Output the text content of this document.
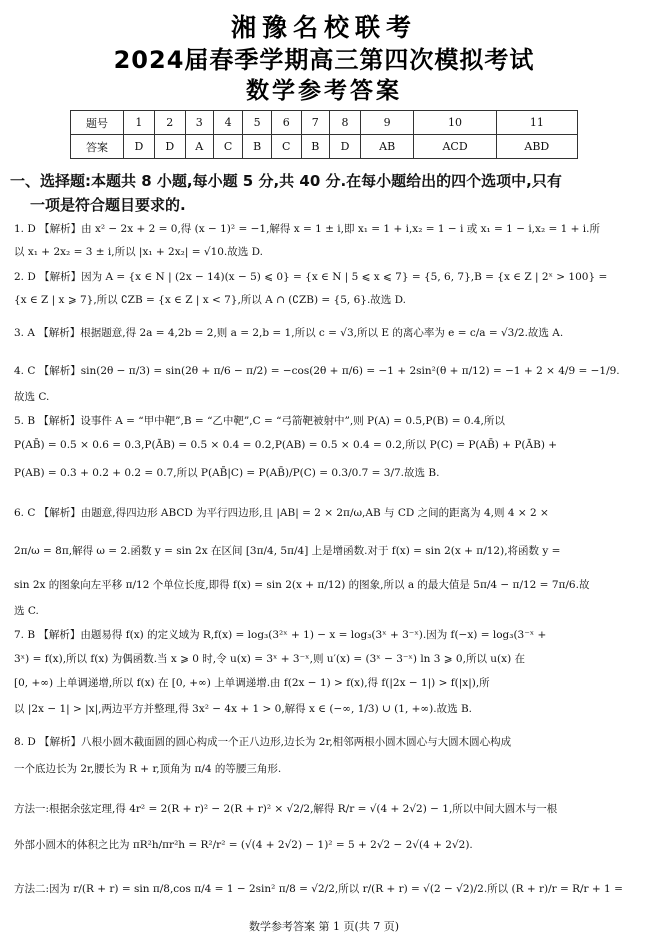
湘豫名校联考
2024届春季学期高三第四次模拟考试
数学参考答案
题号	1	2	3	4	5	6	7	8	9	10	11
答案	D	D	A	C	B	C	B	D	AB	ACD	ABD
一、选择题:本题共 8 小题,每小题 5 分,共 40 分.在每小题给出的四个选项中,只有
一项是符合题目要求的.
1. D 【解析】由 x² − 2x + 2 = 0,得 (x − 1)² = −1,解得 x = 1 ± i,即 x₁ = 1 + i,x₂ = 1 − i 或 x₁ = 1 − i,x₂ = 1 + i.所
以 x₁ + 2x₂ = 3 ± i,所以 |x₁ + 2x₂| = √10.故选 D.
2. D 【解析】因为 A = {x ∈ N | (2x − 14)(x − 5) ⩽ 0} = {x ∈ N | 5 ⩽ x ⩽ 7} = {5, 6, 7},B = {x ∈ Z | 2ˣ > 100} =
{x ∈ Z | x ⩾ 7},所以 ∁ZB = {x ∈ Z | x < 7},所以 A ∩ (∁ZB) = {5, 6}.故选 D.
3. A 【解析】根据题意,得 2a = 4,2b = 2,则 a = 2,b = 1,所以 c = √3,所以 E 的离心率为 e = c/a = √3/2.故选 A.
4. C 【解析】sin(2θ − π/3) = sin(2θ + π/6 − π/2) = −cos(2θ + π/6) = −1 + 2sin²(θ + π/12) = −1 + 2 × 4/9 = −1/9.
故选 C.
5. B 【解析】设事件 A = “甲中靶”,B = “乙中靶”,C = “弓箭靶被射中”,则 P(A) = 0.5,P(B) = 0.4,所以
P(AB̄) = 0.5 × 0.6 = 0.3,P(ĀB) = 0.5 × 0.4 = 0.2,P(AB) = 0.5 × 0.4 = 0.2,所以 P(C) = P(AB̄) + P(ĀB) +
P(AB) = 0.3 + 0.2 + 0.2 = 0.7,所以 P(AB̄|C) = P(AB̄)/P(C) = 0.3/0.7 = 3/7.故选 B.
6. C 【解析】由题意,得四边形 ABCD 为平行四边形,且 |AB| = 2 × 2π/ω,AB 与 CD 之间的距离为 4,则 4 × 2 ×
2π/ω = 8π,解得 ω = 2.函数 y = sin 2x 在区间 [3π/4, 5π/4] 上是增函数.对于 f(x) = sin 2(x + π/12),将函数 y =
sin 2x 的图象向左平移 π/12 个单位长度,即得 f(x) = sin 2(x + π/12) 的图象,所以 a 的最大值是 5π/4 − π/12 = 7π/6.故
选 C.
7. B 【解析】由题易得 f(x) 的定义域为 R,f(x) = log₃(3²ˣ + 1) − x = log₃(3ˣ + 3⁻ˣ).因为 f(−x) = log₃(3⁻ˣ +
3ˣ) = f(x),所以 f(x) 为偶函数.当 x ⩾ 0 时,令 u(x) = 3ˣ + 3⁻ˣ,则 u′(x) = (3ˣ − 3⁻ˣ) ln 3 ⩾ 0,所以 u(x) 在
[0, +∞) 上单调递增,所以 f(x) 在 [0, +∞) 上单调递增.由 f(2x − 1) > f(x),得 f(|2x − 1|) > f(|x|),所
以 |2x − 1| > |x|,两边平方并整理,得 3x² − 4x + 1 > 0,解得 x ∈ (−∞, 1/3) ∪ (1, +∞).故选 B.
8. D 【解析】八根小圆木截面圆的圆心构成一个正八边形,边长为 2r,相邻两根小圆木圆心与大圆木圆心构成
一个底边长为 2r,腰长为 R + r,顶角为 π/4 的等腰三角形.
方法一:根据余弦定理,得 4r² = 2(R + r)² − 2(R + r)² × √2/2,解得 R/r = √(4 + 2√2) − 1,所以中间大圆木与一根
外部小圆木的体积之比为 πR²h/πr²h = R²/r² = (√(4 + 2√2) − 1)² = 5 + 2√2 − 2√(4 + 2√2).
方法二:因为 r/(R + r) = sin π/8,cos π/4 = 1 − 2sin² π/8 = √2/2,所以 r/(R + r) = √(2 − √2)/2.所以 (R + r)/r = R/r + 1 =
数学参考答案 第 1 页(共 7 页)
